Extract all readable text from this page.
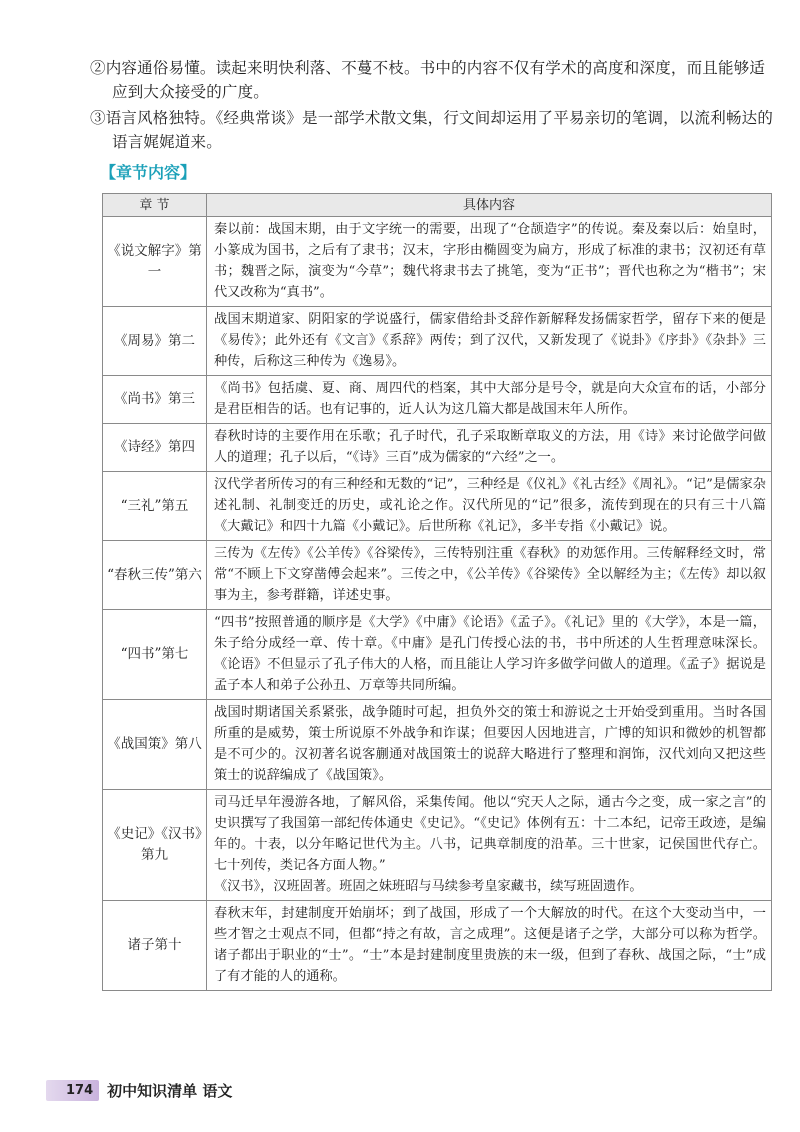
②内容通俗易懂。读起来明快利落、不蔓不枝。书中的内容不仅有学术的高度和深度，而且能够适应到大众接受的广度。

③语言风格独特。《经典常谈》是一部学术散文集，行文间却运用了平易亲切的笔调，以流利畅达的语言娓娓道来。

【章节内容】
章 节	具体内容
《说文解字》第一	秦以前：战国末期，由于文字统一的需要，出现了“仓颉造字”的传说。秦及秦以后：始皇时，小篆成为国书，之后有了隶书；汉末，字形由椭圆变为扁方，形成了标准的隶书；汉初还有草书；魏晋之际，演变为“今草”；魏代将隶书去了挑笔，变为“正书”；晋代也称之为“楷书”；宋代又改称为“真书”。
《周易》第二	战国末期道家、阴阳家的学说盛行，儒家借给卦爻辞作新解释发扬儒家哲学，留存下来的便是《易传》；此外还有《文言》《系辞》两传；到了汉代，又新发现了《说卦》《序卦》《杂卦》三种传，后称这三种传为《逸易》。
《尚书》第三	《尚书》包括虞、夏、商、周四代的档案，其中大部分是号令，就是向大众宣布的话，小部分是君臣相告的话。也有记事的，近人认为这几篇大都是战国末年人所作。
《诗经》第四	春秋时诗的主要作用在乐歌；孔子时代，孔子采取断章取义的方法，用《诗》来讨论做学问做人的道理；孔子以后，“《诗》三百”成为儒家的“六经”之一。
“三礼”第五	汉代学者所传习的有三种经和无数的“记”，三种经是《仪礼》《礼古经》《周礼》。“记”是儒家杂述礼制、礼制变迁的历史，或礼论之作。汉代所见的“记”很多，流传到现在的只有三十八篇《大戴记》和四十九篇《小戴记》。后世所称《礼记》，多半专指《小戴记》说。
“春秋三传”第六	三传为《左传》《公羊传》《谷梁传》，三传特别注重《春秋》的劝惩作用。三传解释经文时，常常“不顾上下文穿凿傅会起来”。三传之中，《公羊传》《谷梁传》全以解经为主；《左传》却以叙事为主，参考群籍，详述史事。
“四书”第七	“四书”按照普通的顺序是《大学》《中庸》《论语》《孟子》。《礼记》里的《大学》，本是一篇，朱子给分成经一章、传十章。《中庸》是孔门传授心法的书，书中所述的人生哲理意味深长。《论语》不但显示了孔子伟大的人格，而且能让人学习许多做学问做人的道理。《孟子》据说是孟子本人和弟子公孙丑、万章等共同所编。
《战国策》第八	战国时期诸国关系紧张，战争随时可起，担负外交的策士和游说之士开始受到重用。当时各国所重的是威势，策士所说原不外战争和诈谋；但要因人因地进言，广博的知识和微妙的机智都是不可少的。汉初著名说客蒯通对战国策士的说辞大略进行了整理和润饰，汉代刘向又把这些策士的说辞编成了《战国策》。
《史记》《汉书》第九	司马迁早年漫游各地，了解风俗，采集传闻。他以“究天人之际，通古今之变，成一家之言”的史识撰写了我国第一部纪传体通史《史记》。“《史记》体例有五：十二本纪，记帝王政迹，是编年的。十表，以分年略记世代为主。八书，记典章制度的沿革。三十世家，记侯国世代存亡。七十列传，类记各方面人物。”
《汉书》，汉班固著。班固之妹班昭与马续参考皇家藏书，续写班固遗作。

诸子第十	春秋末年，封建制度开始崩坏；到了战国，形成了一个大解放的时代。在这个大变动当中，一些才智之士观点不同，但都“持之有故，言之成理”。这便是诸子之学，大部分可以称为哲学。诸子都出于职业的“士”。“士”本是封建制度里贵族的末一级，但到了春秋、战国之际，“士”成了有才能的人的通称。
174 初中知识清单 语文
